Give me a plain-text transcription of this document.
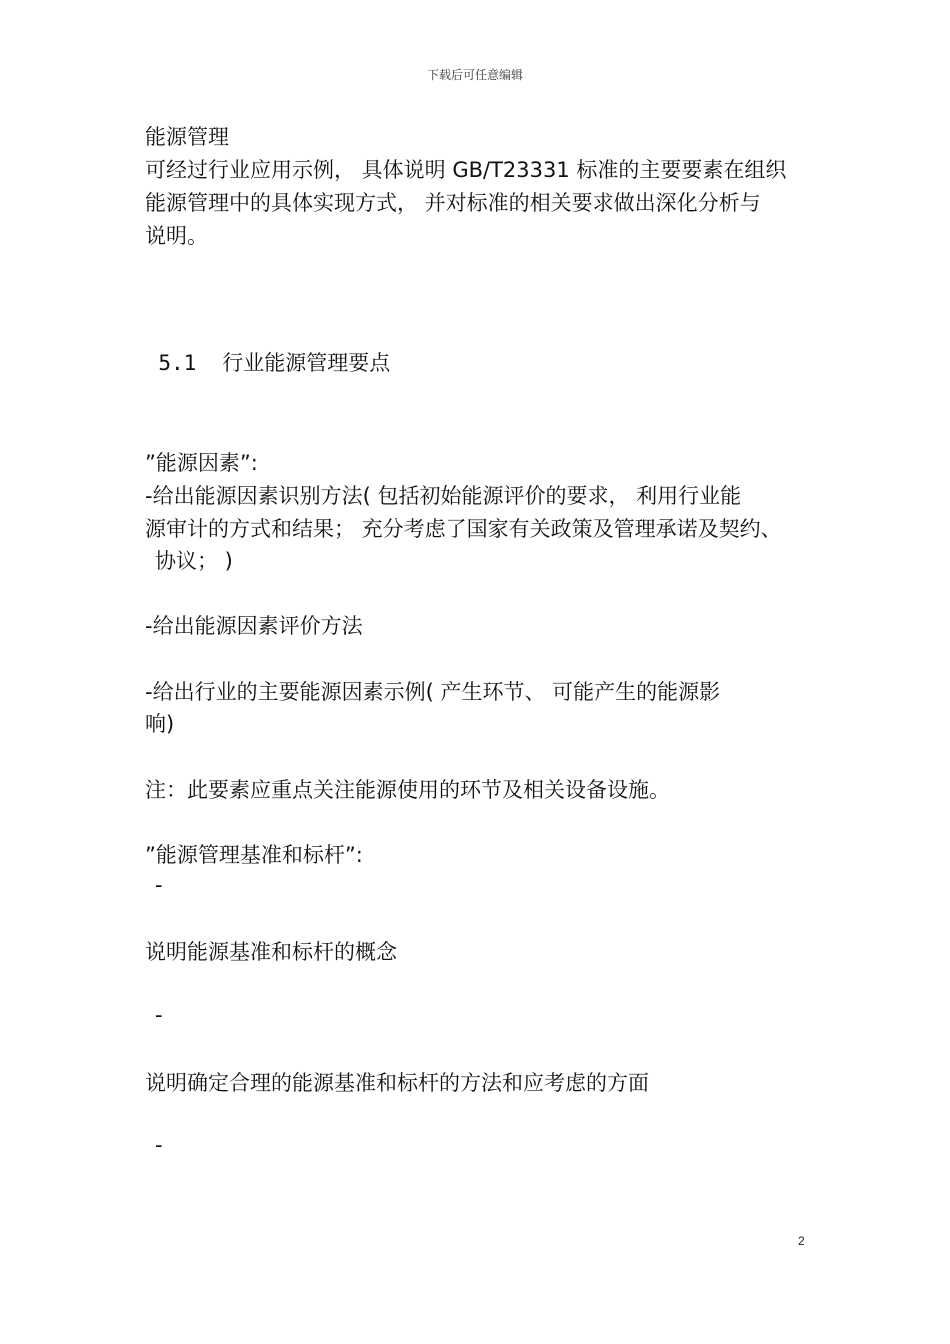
下载后可任意编辑
能源管理
可经过行业应用示例， 具体说明 GB/T23331 标准的主要要素在组织
能源管理中的具体实现方式， 并对标准的相关要求做出深化分析与
说明。

5.1 行业能源管理要点

”能源因素”:
-给出能源因素识别方法( 包括初始能源评价的要求， 利用行业能
源审计的方式和结果； 充分考虑了国家有关政策及管理承诺及契约、
协议； )
-给出能源因素评价方法
-给出行业的主要能源因素示例( 产生环节、 可能产生的能源影
响)
注：此要素应重点关注能源使用的环节及相关设备设施。
”能源管理基准和标杆”:
-
说明能源基准和标杆的概念
-
说明确定合理的能源基准和标杆的方法和应考虑的方面
-
2
